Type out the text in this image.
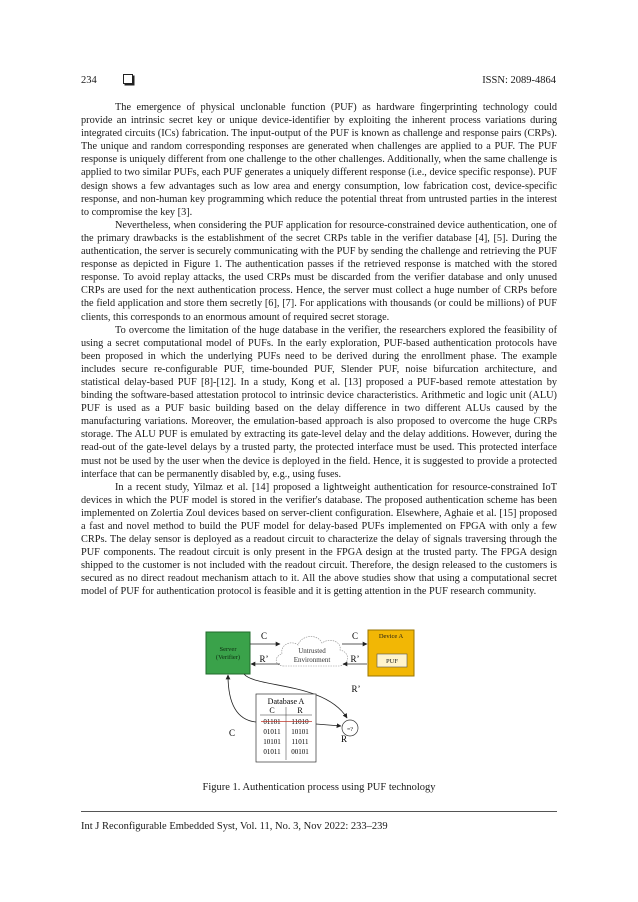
234	ISSN: 2089-4864

The emergence of physical unclonable function (PUF) as hardware fingerprinting technology could provide an intrinsic secret key or unique device-identifier by exploiting the inherent process variations during integrated circuits (ICs) fabrication. The input-output of the PUF is known as challenge and response pairs (CRPs). The unique and random corresponding responses are generated when challenges are applied to a PUF. The PUF response is uniquely different from one challenge to the other challenges. Additionally, when the same challenge is applied to two similar PUFs, each PUF generates a uniquely different response (i.e., device specific response). PUF design shows a few advantages such as low area and energy consumption, low fabrication cost, device-specific response, and non-human key programming which reduce the potential threat from untrusted parties in the interest to compromise the key [3].

Nevertheless, when considering the PUF application for resource-constrained device authentication, one of the primary drawbacks is the establishment of the secret CRPs table in the verifier database [4], [5]. During the authentication, the server is securely communicating with the PUF by sending the challenge and retrieving the PUF response as depicted in Figure 1. The authentication passes if the retrieved response is matched with the stored response. To avoid replay attacks, the used CRPs must be discarded from the verifier database and only unused CRPs are used for the next authentication process. Hence, the server must collect a huge number of CRPs before the field application and store them secretly [6], [7]. For applications with thousands (or could be millions) of PUF clients, this corresponds to an enormous amount of required secret storage.

To overcome the limitation of the huge database in the verifier, the researchers explored the feasibility of using a secret computational model of PUFs. In the early exploration, PUF-based authentication protocols have been proposed in which the underlying PUFs need to be derived during the enrollment phase. The example includes secure re-configurable PUF, time-bounded PUF, Slender PUF, noise bifurcation architecture, and statistical delay-based PUF [8]-[12]. In a study, Kong et al. [13] proposed a PUF-based remote attestation by binding the software-based attestation protocol to intrinsic device characteristics. Arithmetic and logic unit (ALU) PUF is used as a PUF basic building based on the delay difference in two different ALUs caused by the manufacturing variations. Moreover, the emulation-based approach is also proposed to overcome the huge CRPs storage. The ALU PUF is emulated by extracting its gate-level delay and the delay additions. However, during the read-out of the gate-level delays by a trusted party, the protected interface must be used. This protected interface must not be used by the user when the device is deployed in the field. Hence, it is suggested to provide a protected interface that can be permanently disabled by, e.g., using fuses.

In a recent study, Yilmaz et al. [14] proposed a lightweight authentication for resource-constrained IoT devices in which the PUF model is stored in the verifier's database. The proposed authentication scheme has been implemented on Zolertia Zoul devices based on server-client configuration. Elsewhere, Aghaie et al. [15] proposed a fast and novel method to build the PUF model for delay-based PUFs implemented on FPGA with only a few CRPs. The delay sensor is deployed as a readout circuit to characterize the delay of signals traversing through the PUF components. The readout circuit is only present in the FPGA design at the trusted party. The FPGA design shipped to the customer is not included with the readout circuit. Therefore, the design released to the customers is secured as no direct readout mechanism attach to it. All the above studies show that using a computational secret model of PUF for authentication protocol is feasible and it is getting attention in the PUF research community.

Server
(Verifier)
Device A
PUF
Untrusted
Environment
C	C
R’	R’
R’
Database A
C	R
01101 11010
01011 10101
10101 11011
01011 00101
=?
R
C
Figure 1. Authentication process using PUF technology
Int J Reconfigurable Embedded Syst, Vol. 11, No. 3, Nov 2022: 233–239
